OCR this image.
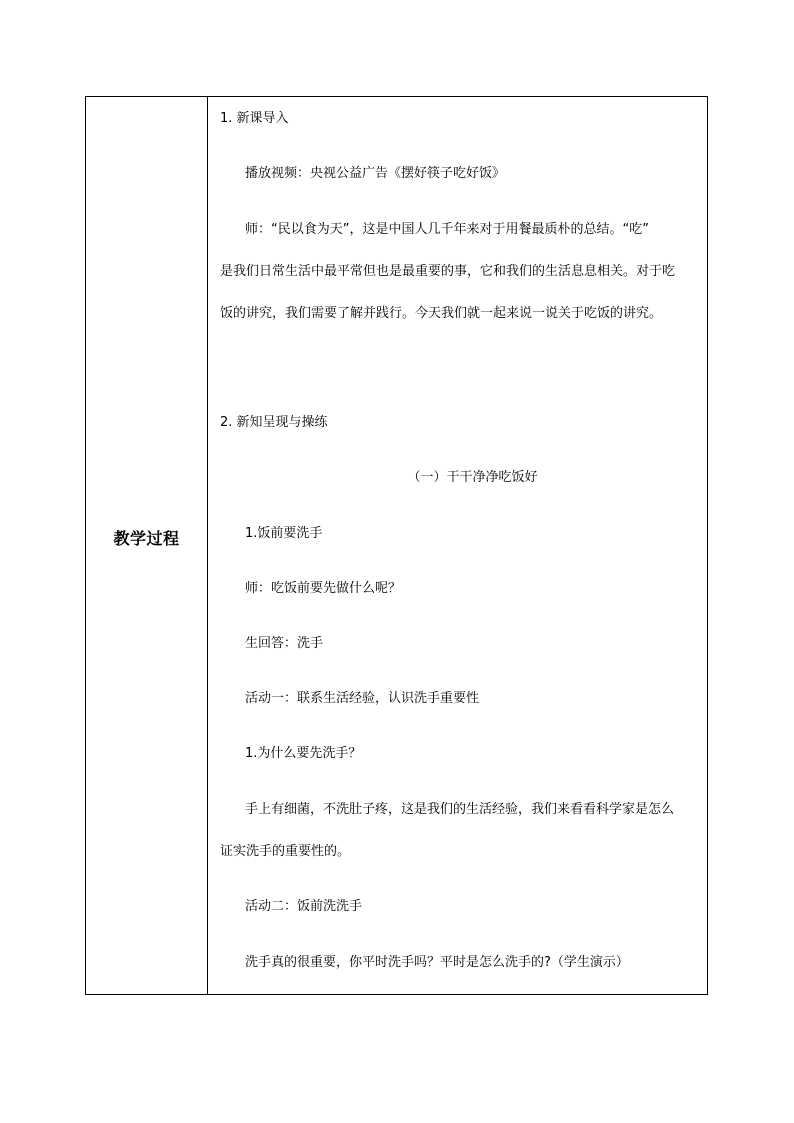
教学过程
1. 新课导入
播放视频：央视公益广告《摆好筷子吃好饭》
师：“民以食为天”，这是中国人几千年来对于用餐最质朴的总结。“吃”
是我们日常生活中最平常但也是最重要的事，它和我们的生活息息相关。对于吃
饭的讲究，我们需要了解并践行。今天我们就一起来说一说关于吃饭的讲究。
2. 新知呈现与操练
（一）干干净净吃饭好
1.饭前要洗手
师：吃饭前要先做什么呢？
生回答：洗手
活动一：联系生活经验，认识洗手重要性
1.为什么要先洗手？
手上有细菌，不洗肚子疼，这是我们的生活经验，我们来看看科学家是怎么
证实洗手的重要性的。
活动二：饭前洗洗手
洗手真的很重要，你平时洗手吗？平时是怎么洗手的?（学生演示）
